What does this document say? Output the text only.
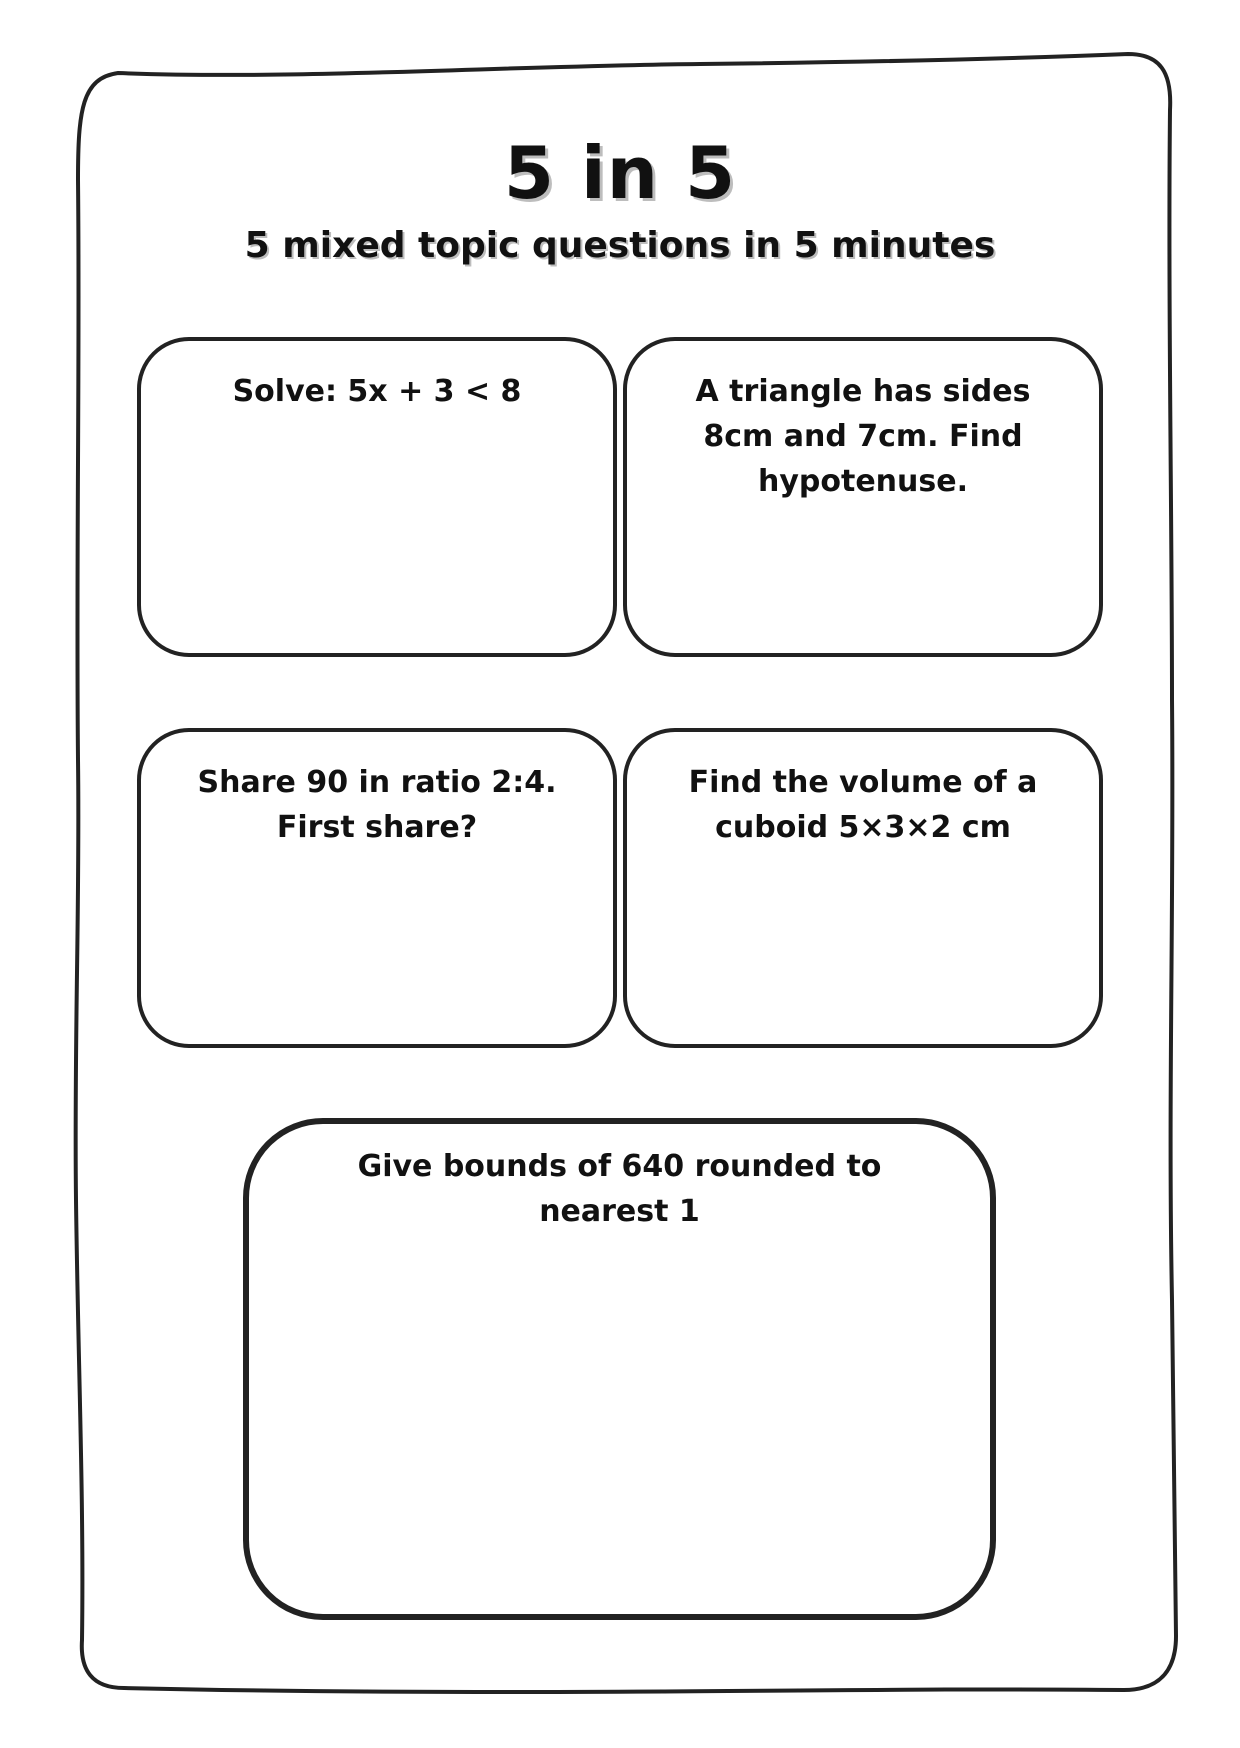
5 in 5
5 mixed topic questions in 5 minutes
Solve: 5x + 3 < 8	A triangle has sides
8cm and 7cm. Find
hypotenuse.
Share 90 in ratio 2:4.
First share?
Find the volume of a
cuboid 5×3×2 cm
Give bounds of 640 rounded to
nearest 1
